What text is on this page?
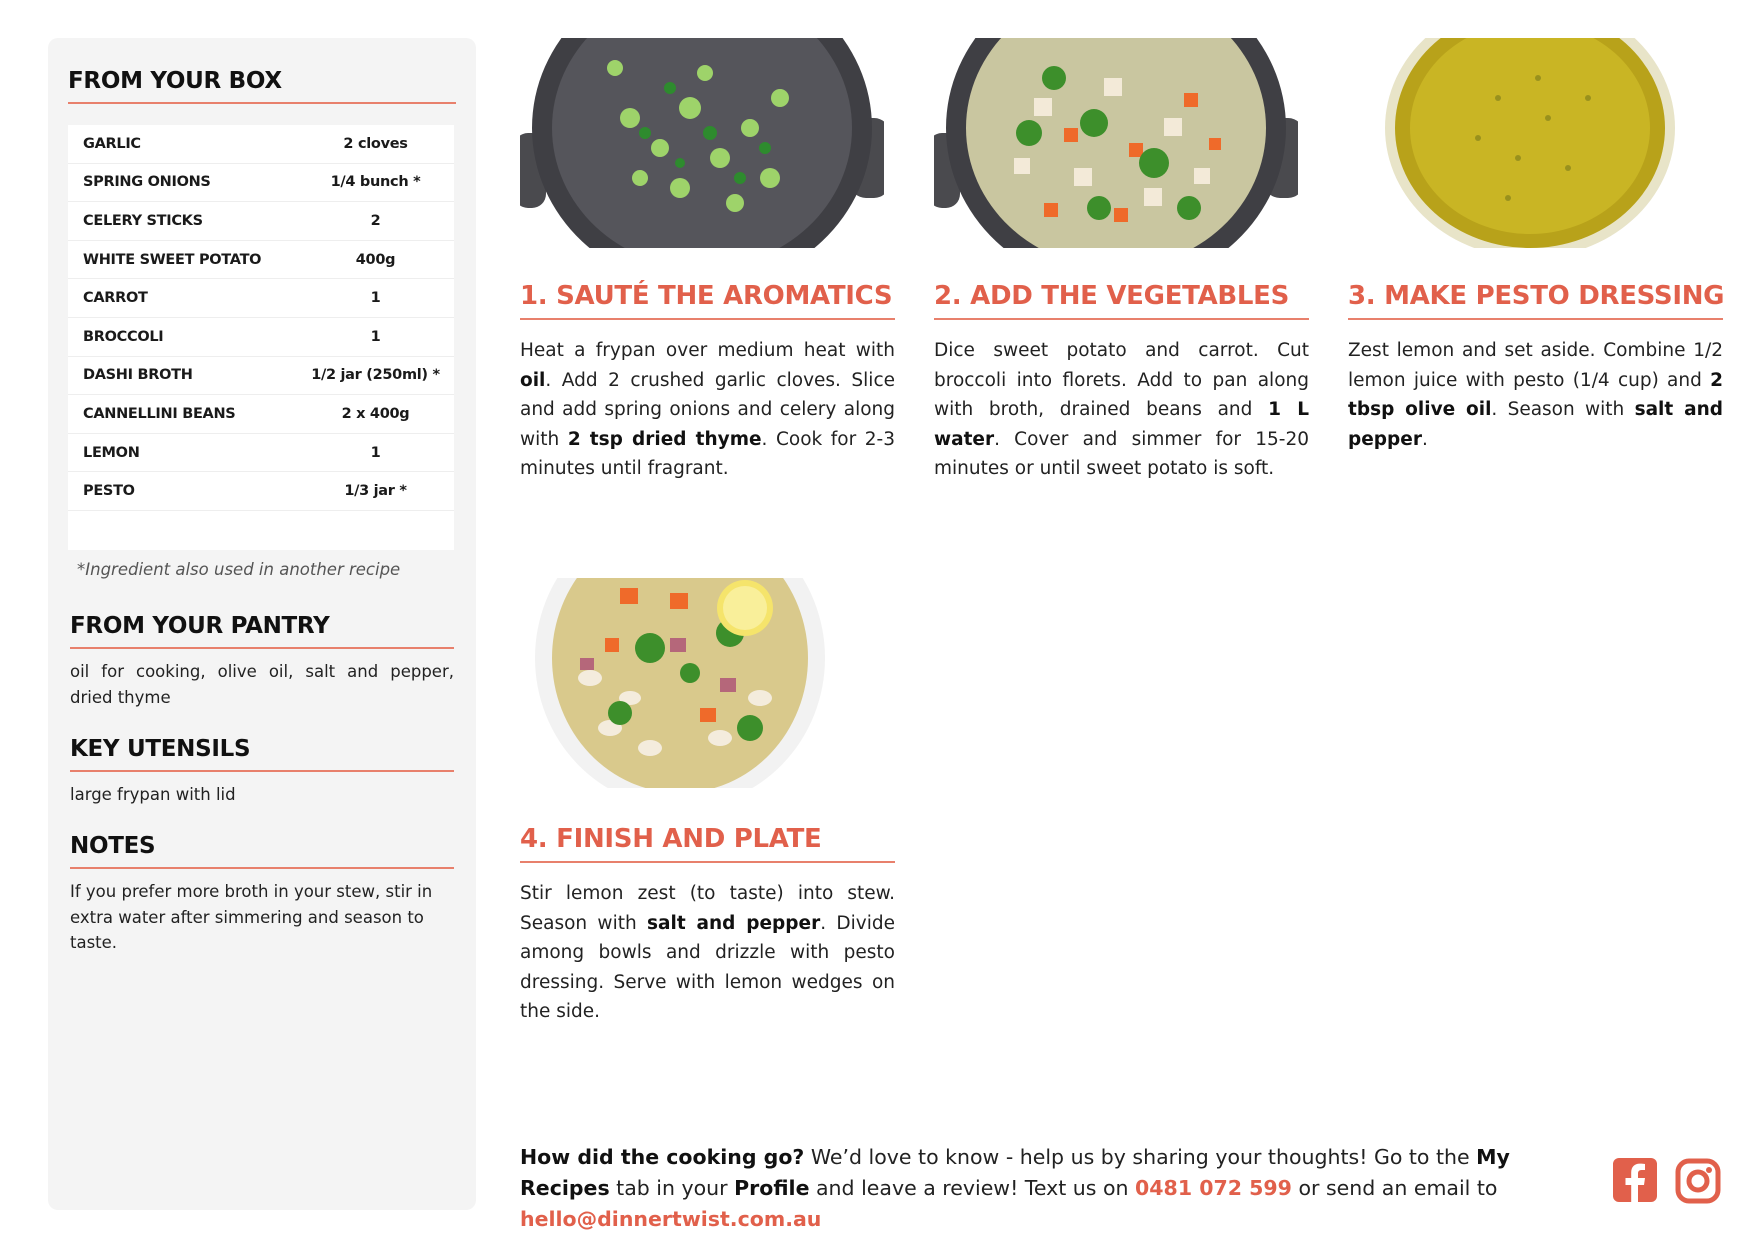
FROM YOUR BOX
GARLIC	2 cloves
SPRING ONIONS	1/4 bunch *
CELERY STICKS	2
WHITE SWEET POTATO	400g
CARROT	1
BROCCOLI	1
DASHI BROTH	1/2 jar (250ml) *
CANNELLINI BEANS	2 x 400g
LEMON	1
PESTO	1/3 jar *
*Ingredient also used in another recipe
FROM YOUR PANTRY
oil for cooking, olive oil, salt and pepper, dried thyme
KEY UTENSILS
large frypan with lid
NOTES
If you prefer more broth in your stew, stir in extra water after simmering and season to taste.
1. SAUTÉ THE AROMATICS
Heat a frypan over medium heat with oil. Add 2 crushed garlic cloves. Slice and add spring onions and celery along with 2 tsp dried thyme. Cook for 2-3 minutes until fragrant.
2. ADD THE VEGETABLES
Dice sweet potato and carrot. Cut broccoli into florets. Add to pan along with broth, drained beans and 1 L water. Cover and simmer for 15-20 minutes or until sweet potato is soft.
3. MAKE PESTO DRESSING
Zest lemon and set aside. Combine 1/2 lemon juice with pesto (1/4 cup) and 2 tbsp olive oil. Season with salt and pepper.
4. FINISH AND PLATE
Stir lemon zest (to taste) into stew. Season with salt and pepper. Divide among bowls and drizzle with pesto dressing. Serve with lemon wedges on the side.
How did the cooking go? We’d love to know - help us by sharing your thoughts! Go to the My Recipes tab in your Profile and leave a review! Text us on 0481 072 599 or send an email to hello@dinnertwist.com.au
